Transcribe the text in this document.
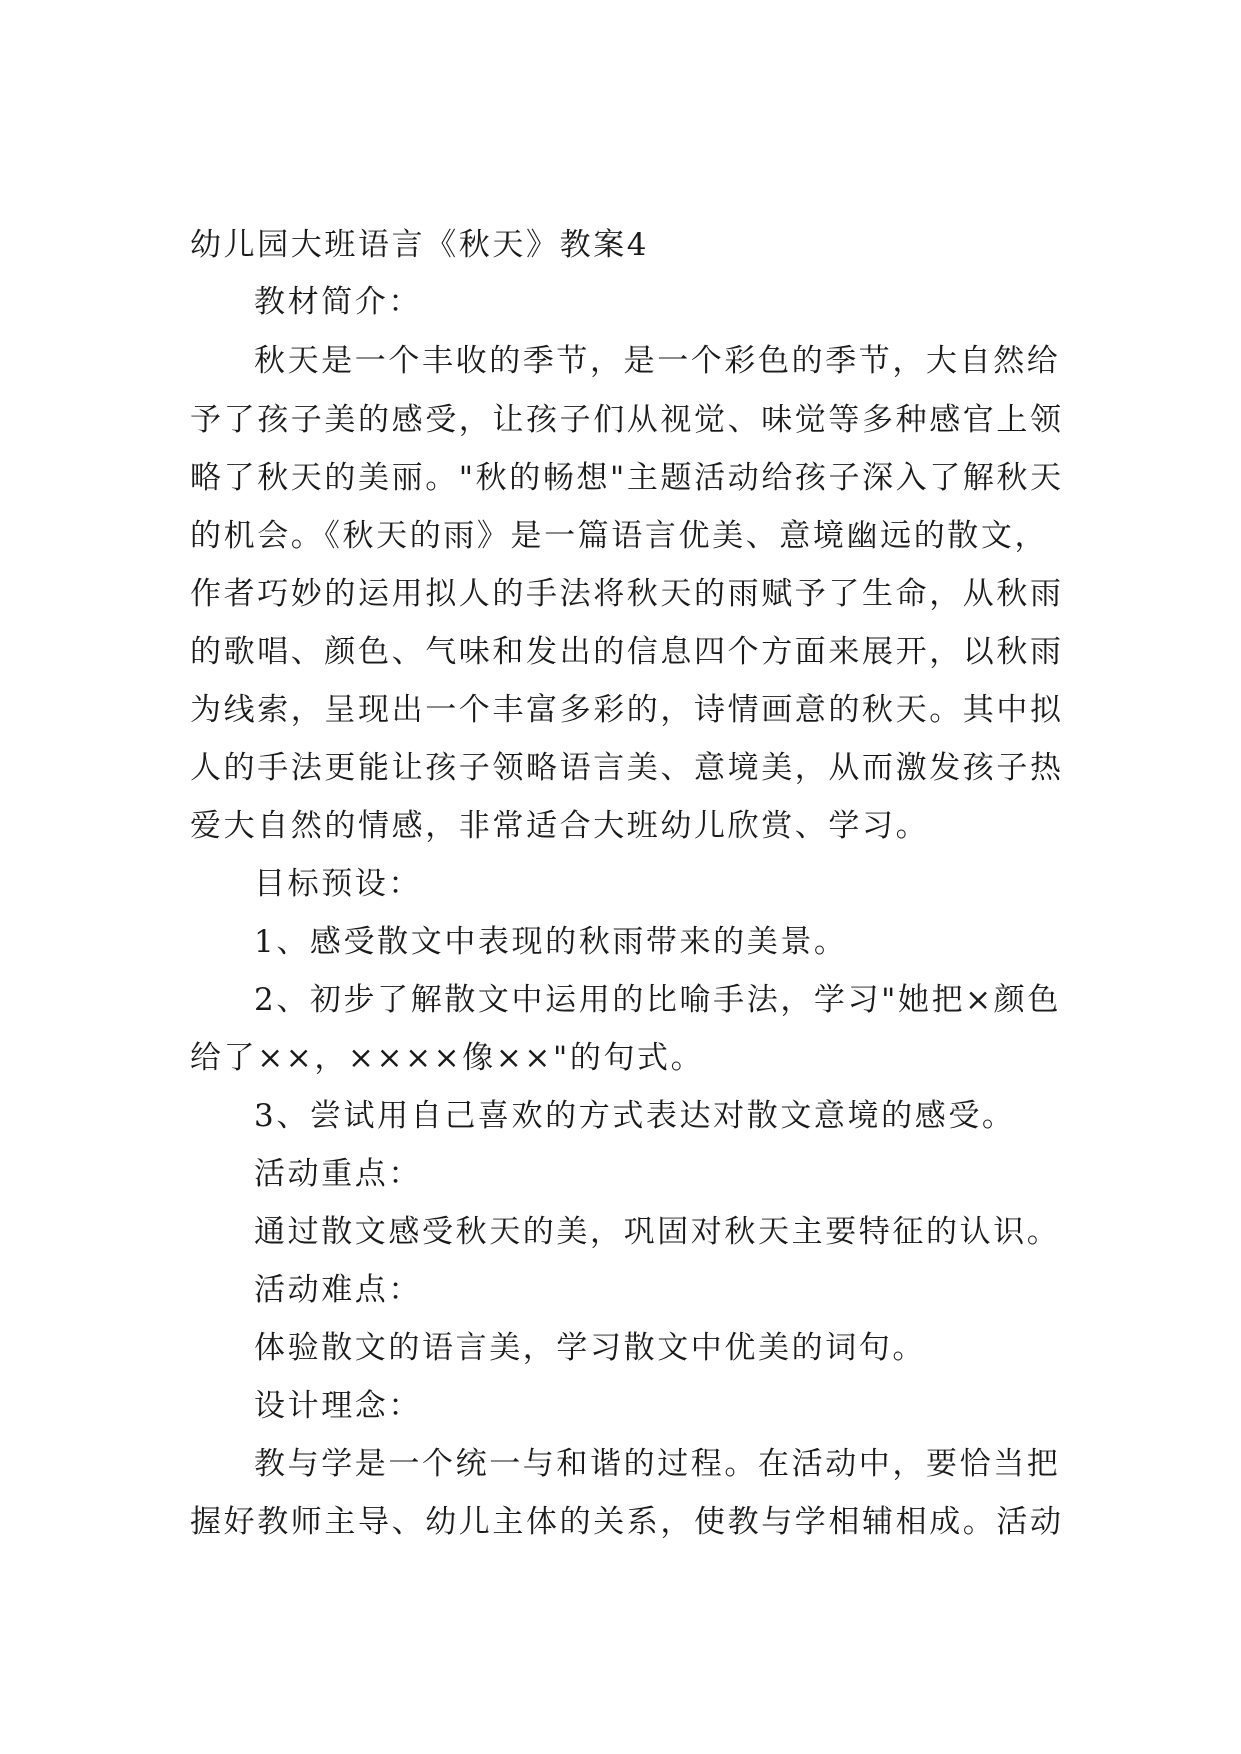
幼儿园大班语言《秋天》教案4
教材简介：
秋天是一个丰收的季节，是一个彩色的季节，大自然给
予了孩子美的感受，让孩子们从视觉、味觉等多种感官上领
略了秋天的美丽。"秋的畅想"主题活动给孩子深入了解秋天
的机会。《秋天的雨》是一篇语言优美、意境幽远的散文，
作者巧妙的运用拟人的手法将秋天的雨赋予了生命，从秋雨
的歌唱、颜色、气味和发出的信息四个方面来展开，以秋雨
为线索，呈现出一个丰富多彩的，诗情画意的秋天。其中拟
人的手法更能让孩子领略语言美、意境美，从而激发孩子热
爱大自然的情感，非常适合大班幼儿欣赏、学习。
目标预设：
1、感受散文中表现的秋雨带来的美景。
2、初步了解散文中运用的比喻手法，学习"她把×颜色
给了××，××××像××"的句式。
3、尝试用自己喜欢的方式表达对散文意境的感受。
活动重点：
通过散文感受秋天的美，巩固对秋天主要特征的认识。
活动难点：
体验散文的语言美，学习散文中优美的词句。
设计理念：
教与学是一个统一与和谐的过程。在活动中，要恰当把
握好教师主导、幼儿主体的关系，使教与学相辅相成。活动
